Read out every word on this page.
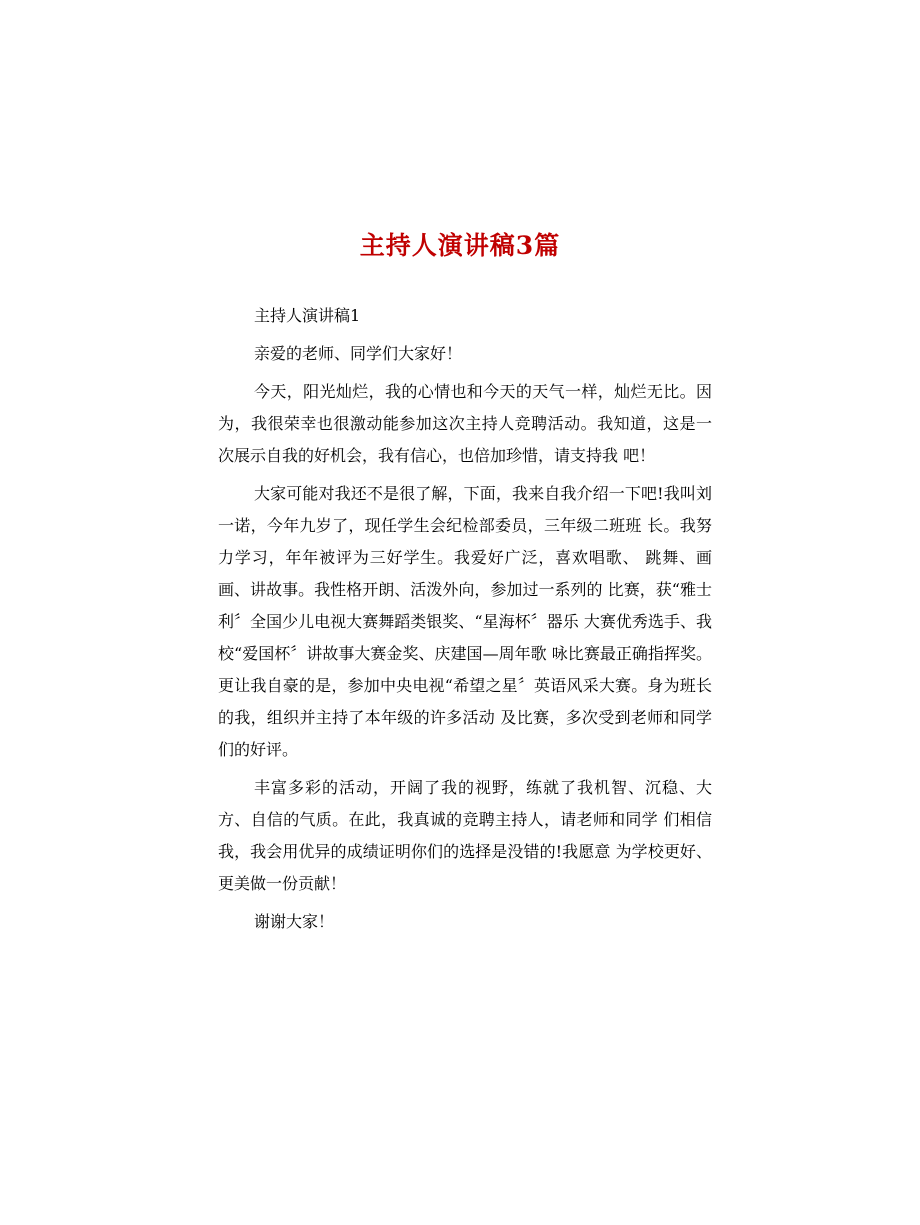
主持人演讲稿3篇

主持人演讲稿1

亲爱的老师、同学们大家好！

今天，阳光灿烂，我的心情也和今天的天气一样，灿烂无比。因为，我很荣幸也很激动能参加这次主持人竞聘活动。我知道，这是一次展示自我的好机会，我有信心，也倍加珍惜，请支持我 吧！

大家可能对我还不是很了解，下面，我来自我介绍一下吧!我叫刘一诺，今年九岁了，现任学生会纪检部委员，三年级二班班 长。我努力学习，年年被评为三好学生。我爱好广泛，喜欢唱歌、 跳舞、画画、讲故事。我性格开朗、活泼外向，参加过一系列的 比赛，获“雅士利〞全国少儿电视大赛舞蹈类银奖、“星海杯〞器乐 大赛优秀选手、我校“爱国杯〞讲故事大赛金奖、庆建国—周年歌 咏比赛最正确指挥奖。更让我自豪的是，参加中央电视“希望之星〞英语风采大赛。身为班长的我，组织并主持了本年级的许多活动 及比赛，多次受到老师和同学们的好评。

丰富多彩的活动，开阔了我的视野，练就了我机智、沉稳、大方、自信的气质。在此，我真诚的竞聘主持人，请老师和同学 们相信我，我会用优异的成绩证明你们的选择是没错的!我愿意 为学校更好、更美做一份贡献！

谢谢大家！
